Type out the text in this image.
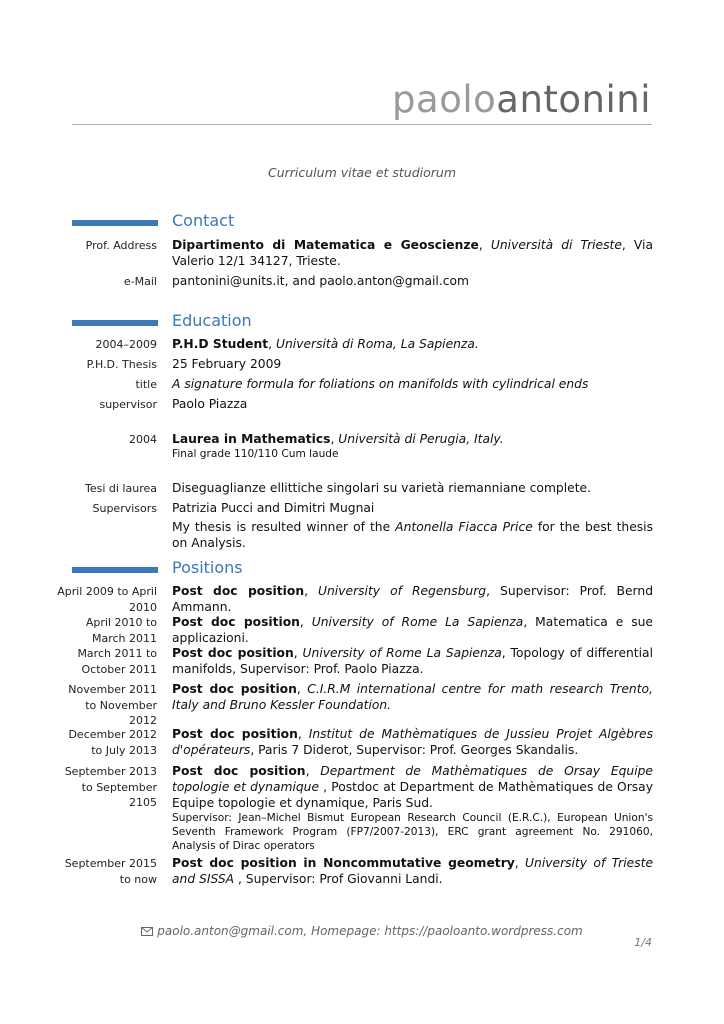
paoloantonini
Curriculum vitae et studiorum
Contact
Prof. Address Dipartimento di Matematica e Geoscienze, Università di Trieste, Via Valerio 12/1 34127, Trieste.
e-Mail pantonini@units.it, and paolo.anton@gmail.com
Education
2004–2009 P.H.D Student, Università di Roma, La Sapienza.
P.H.D. Thesis 25 February 2009
title A signature formula for foliations on manifolds with cylindrical ends
supervisor Paolo Piazza
2004 Laurea in Mathematics, Università di Perugia, Italy.
Final grade 110/110 Cum laude
Tesi di laurea Diseguaglianze ellittiche singolari su varietà riemanniane complete.
Supervisors Patrizia Pucci and Dimitri Mugnai
My thesis is resulted winner of the Antonella Fiacca Price for the best thesis on Analysis.
Positions
April 2009 to April 2010
Post doc position, University of Regensburg, Supervisor: Prof. Bernd Ammann.
April 2010 to March 2011
Post doc position, University of Rome La Sapienza, Matematica e sue applicazioni.
March 2011 to October 2011
Post doc position, University of Rome La Sapienza, Topology of differential manifolds, Supervisor: Prof. Paolo Piazza.
November 2011 to November 2012
Post doc position, C.I.R.M international centre for math research Trento, Italy and Bruno Kessler Foundation.
December 2012 to July 2013
Post doc position, Institut de Mathèmatiques de Jussieu Projet Algèbres d'opérateurs, Paris 7 Diderot, Supervisor: Prof. Georges Skandalis.
September 2013 to September 2105
Post doc position, Department de Mathèmatiques de Orsay Equipe topologie et dynamique , Postdoc at Department de Mathèmatiques de Orsay Equipe topologie et dynamique, Paris Sud.
Supervisor: Jean–Michel Bismut European Research Council (E.R.C.), European Union's Seventh Framework Program (FP7/2007-2013), ERC grant agreement No. 291060, Analysis of Dirac operators
September 2015 to now
Post doc position in Noncommutative geometry, University of Trieste and SISSA , Supervisor: Prof Giovanni Landi.
paolo.anton@gmail.com, Homepage: https://paoloanto.wordpress.com
1/4
